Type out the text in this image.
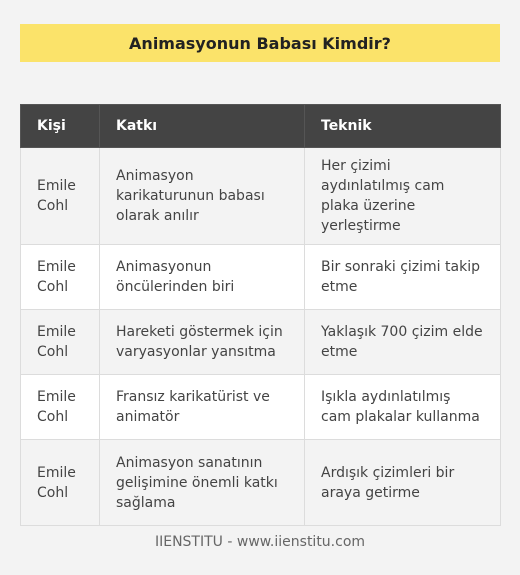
Animasyonun Babası Kimdir?
Kişi	Katkı	Teknik
Emile Cohl	Animasyon karikaturunun babası olarak anılır	Her çizimi aydınlatılmış cam plaka üzerine yerleştirme
Emile Cohl	Animasyonun öncülerinden biri	Bir sonraki çizimi takip etme
Emile Cohl	Hareketi göstermek için varyasyonlar yansıtma	Yaklaşık 700 çizim elde etme
Emile Cohl	Fransız karikatürist ve animatör	Işıkla aydınlatılmış cam plakalar kullanma
Emile Cohl	Animasyon sanatının gelişimine önemli katkı sağlama	Ardışık çizimleri bir araya getirme
IIENSTITU - www.iienstitu.com
